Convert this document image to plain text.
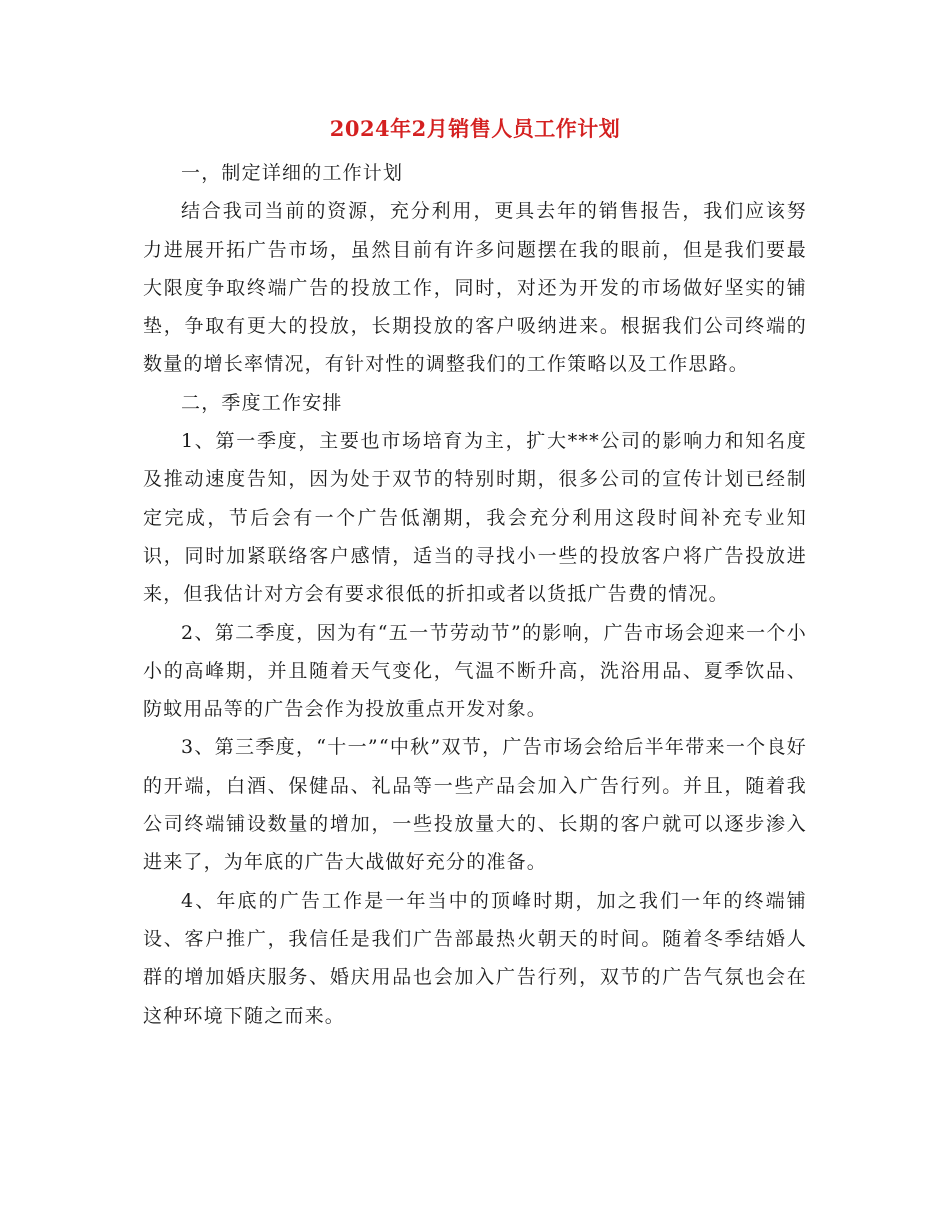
2024年2月销售人员工作计划

一，制定详细的工作计划

结合我司当前的资源，充分利用，更具去年的销售报告，我们应该努力进展开拓广告市场，虽然目前有许多问题摆在我的眼前，但是我们要最大限度争取终端广告的投放工作，同时，对还为开发的市场做好坚实的铺垫，争取有更大的投放，长期投放的客户吸纳进来。根据我们公司终端的数量的增长率情况，有针对性的调整我们的工作策略以及工作思路。

二，季度工作安排

1、第一季度，主要也市场培育为主，扩大***公司的影响力和知名度及推动速度告知，因为处于双节的特别时期，很多公司的宣传计划已经制定完成，节后会有一个广告低潮期，我会充分利用这段时间补充专业知识，同时加紧联络客户感情，适当的寻找小一些的投放客户将广告投放进来，但我估计对方会有要求很低的折扣或者以货抵广告费的情况。

2、第二季度，因为有“五一节劳动节”的影响，广告市场会迎来一个小小的高峰期，并且随着天气变化，气温不断升高，洗浴用品、夏季饮品、防蚊用品等的广告会作为投放重点开发对象。

3、第三季度，“十一”“中秋”双节，广告市场会给后半年带来一个良好的开端，白酒、保健品、礼品等一些产品会加入广告行列。并且，随着我公司终端铺设数量的增加，一些投放量大的、长期的客户就可以逐步渗入进来了，为年底的广告大战做好充分的准备。

4、年底的广告工作是一年当中的顶峰时期，加之我们一年的终端铺设、客户推广，我信任是我们广告部最热火朝天的时间。随着冬季结婚人群的增加婚庆服务、婚庆用品也会加入广告行列，双节的广告气氛也会在这种环境下随之而来。
